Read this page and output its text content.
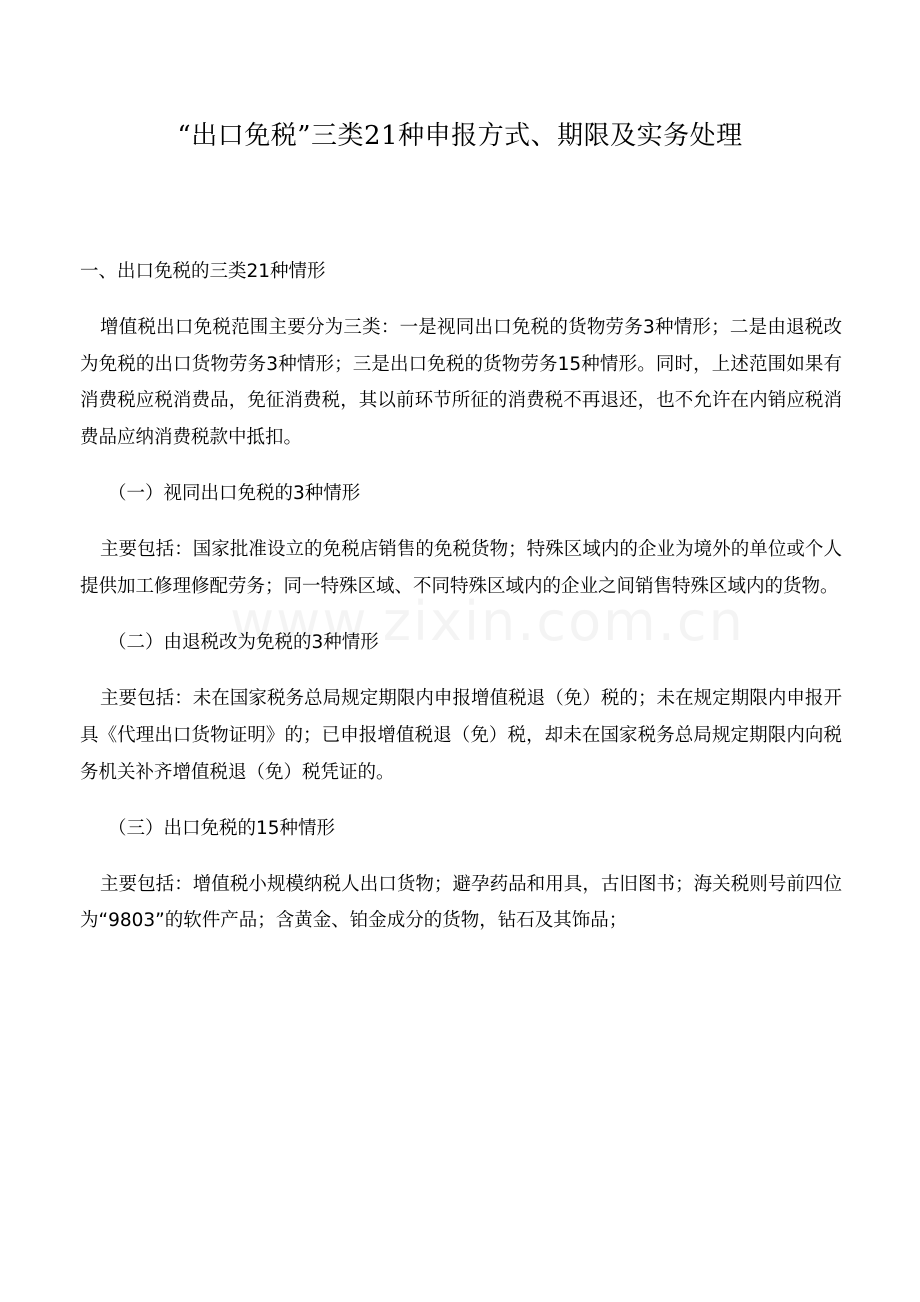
“出口免税”三类21种申报方式、期限及实务处理

一、出口免税的三类21种情形

增值税出口免税范围主要分为三类：一是视同出口免税的货物劳务3种情形；二是由退税改为免税的出口货物劳务3种情形；三是出口免税的货物劳务15种情形。同时，上述范围如果有消费税应税消费品，免征消费税，其以前环节所征的消费税不再退还，也不允许在内销应税消费品应纳消费税款中抵扣。

（一）视同出口免税的3种情形

主要包括：国家批准设立的免税店销售的免税货物；特殊区域内的企业为境外的单位或个人提供加工修理修配劳务；同一特殊区域、不同特殊区域内的企业之间销售特殊区域内的货物。

（二）由退税改为免税的3种情形

主要包括：未在国家税务总局规定期限内申报增值税退（免）税的；未在规定期限内申报开具《代理出口货物证明》的；已申报增值税退（免）税，却未在国家税务总局规定期限内向税务机关补齐增值税退（免）税凭证的。

（三）出口免税的15种情形

主要包括：增值税小规模纳税人出口货物；避孕药品和用具，古旧图书；海关税则号前四位为“9803”的软件产品；含黄金、铂金成分的货物，钻石及其饰品；
